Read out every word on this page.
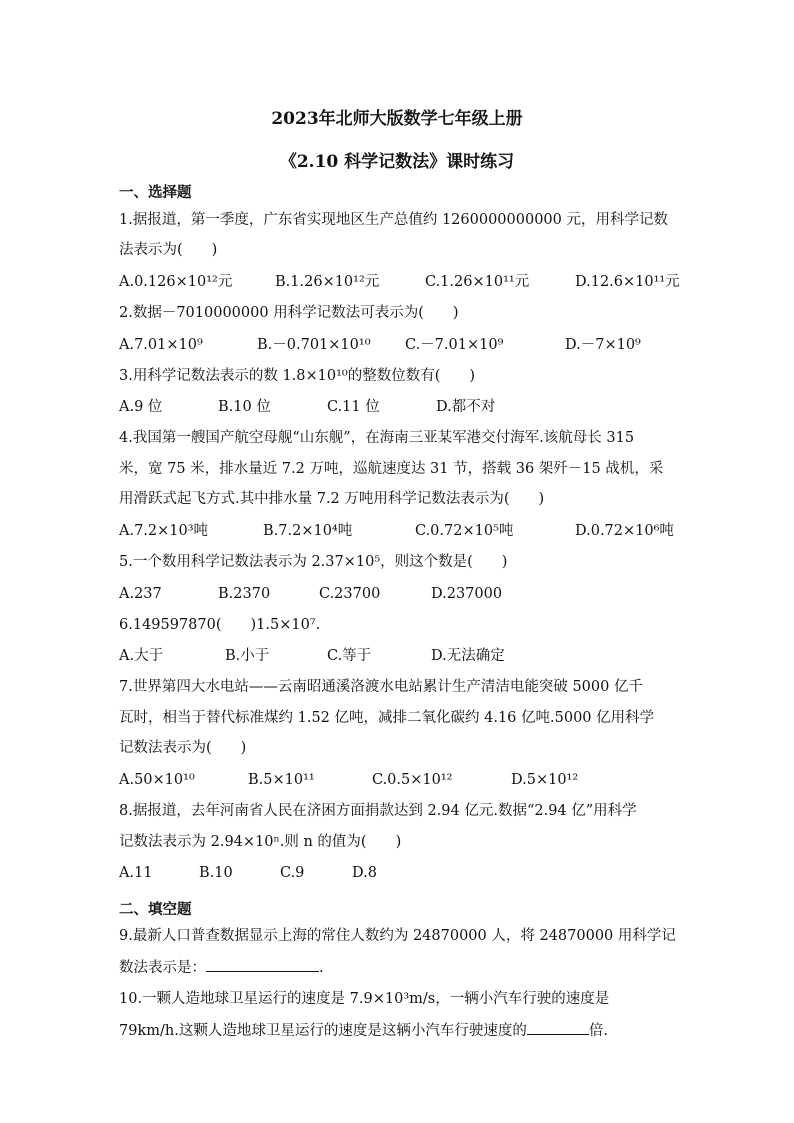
2023年北师大版数学七年级上册
《2.10 科学记数法》课时练习
一、选择题
1.据报道，第一季度，广东省实现地区生产总值约 1260000000000 元，用科学记数
法表示为(　　)
A.0.126×10¹²元	B.1.26×10¹²元	C.1.26×10¹¹元	D.12.6×10¹¹元
2.数据－7010000000 用科学记数法可表示为(　　)
A.7.01×10⁹	B.－0.701×10¹⁰ C.－7.01×10⁹	D.－7×10⁹
3.用科学记数法表示的数 1.8×10¹⁰的整数位数有(　　)
A.9 位	B.10 位	C.11 位	D.都不对
4.我国第一艘国产航空母舰“山东舰”，在海南三亚某军港交付海军.该航母长 315
米，宽 75 米，排水量近 7.2 万吨，巡航速度达 31 节，搭载 36 架歼－15 战机，采
用滑跃式起飞方式.其中排水量 7.2 万吨用科学记数法表示为(　　)
A.7.2×10³吨	B.7.2×10⁴吨	C.0.72×10⁵吨	D.0.72×10⁶吨
5.一个数用科学记数法表示为 2.37×10⁵，则这个数是(　　)
A.237	B.2370	C.23700	D.237000
6.149597870(　　)1.5×10⁷.
A.大于	B.小于	C.等于	D.无法确定
7.世界第四大水电站——云南昭通溪洛渡水电站累计生产清洁电能突破 5000 亿千
瓦时，相当于替代标准煤约 1.52 亿吨，减排二氧化碳约 4.16 亿吨.5000 亿用科学
记数法表示为(　　)
A.50×10¹⁰	B.5×10¹¹	C.0.5×10¹²	D.5×10¹²
8.据报道，去年河南省人民在济困方面捐款达到 2.94 亿元.数据“2.94 亿”用科学
记数法表示为 2.94×10ⁿ.则 n 的值为(　　)
A.11	B.10	C.9	D.8
二、填空题
9.最新人口普查数据显示上海的常住人数约为 24870000 人，将 24870000 用科学记
数法表示是：	.
10.一颗人造地球卫星运行的速度是 7.9×10³m/s，一辆小汽车行驶的速度是
79km/h.这颗人造地球卫星运行的速度是这辆小汽车行驶速度的	倍.
